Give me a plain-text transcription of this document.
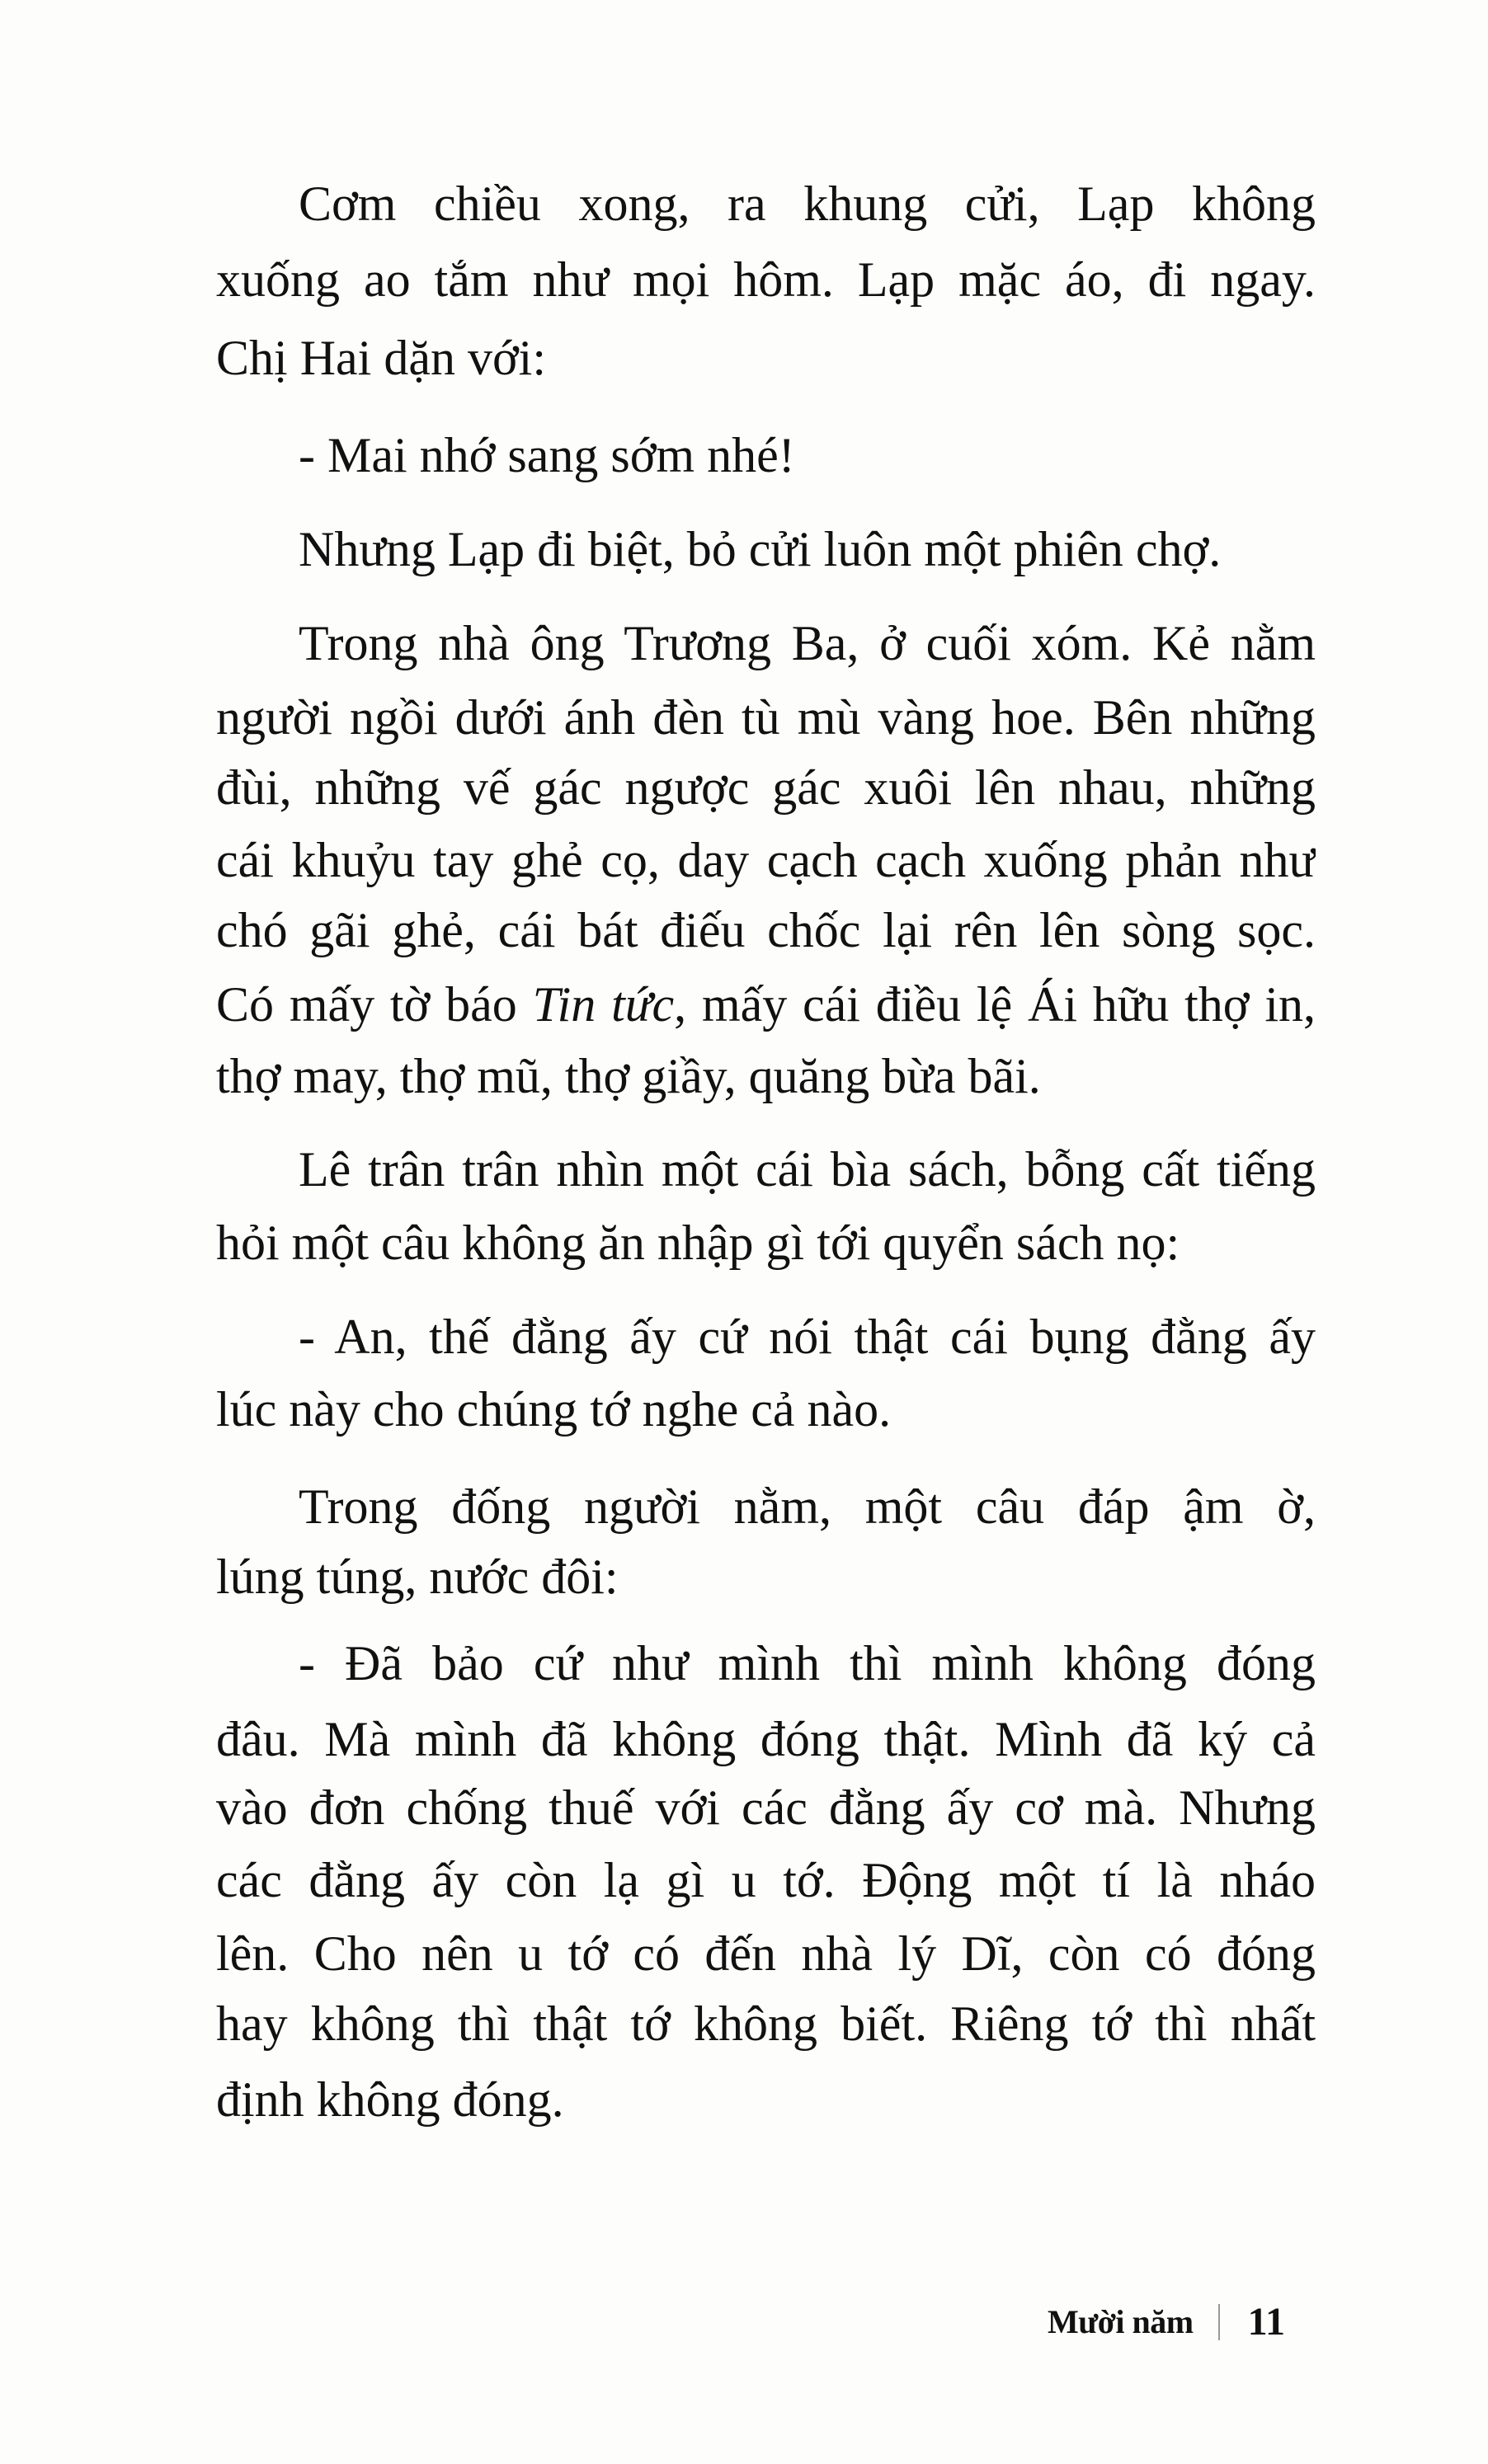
Cơm chiều xong, ra khung cửi, Lạp không
xuống ao tắm như mọi hôm. Lạp mặc áo, đi ngay.
Chị Hai dặn với:
- Mai nhớ sang sớm nhé!
Nhưng Lạp đi biệt, bỏ cửi luôn một phiên chợ.
Trong nhà ông Trương Ba, ở cuối xóm. Kẻ nằm
người ngồi dưới ánh đèn tù mù vàng hoe. Bên những
đùi, những vế gác ngược gác xuôi lên nhau, những
cái khuỷu tay ghẻ cọ, day cạch cạch xuống phản như
chó gãi ghẻ, cái bát điếu chốc lại rên lên sòng sọc.
Có mấy tờ báo Tin tức, mấy cái điều lệ Ái hữu thợ in,
thợ may, thợ mũ, thợ giầy, quăng bừa bãi.
Lê trân trân nhìn một cái bìa sách, bỗng cất tiếng
hỏi một câu không ăn nhập gì tới quyển sách nọ:
- An, thế đằng ấy cứ nói thật cái bụng đằng ấy
lúc này cho chúng tớ nghe cả nào.
Trong đống người nằm, một câu đáp ậm ờ,
lúng túng, nước đôi:
- Đã bảo cứ như mình thì mình không đóng
đâu. Mà mình đã không đóng thật. Mình đã ký cả
vào đơn chống thuế với các đằng ấy cơ mà. Nhưng
các đằng ấy còn lạ gì u tớ. Động một tí là nháo
lên. Cho nên u tớ có đến nhà lý Dĩ, còn có đóng
hay không thì thật tớ không biết. Riêng tớ thì nhất
định không đóng.
Mười năm 11
